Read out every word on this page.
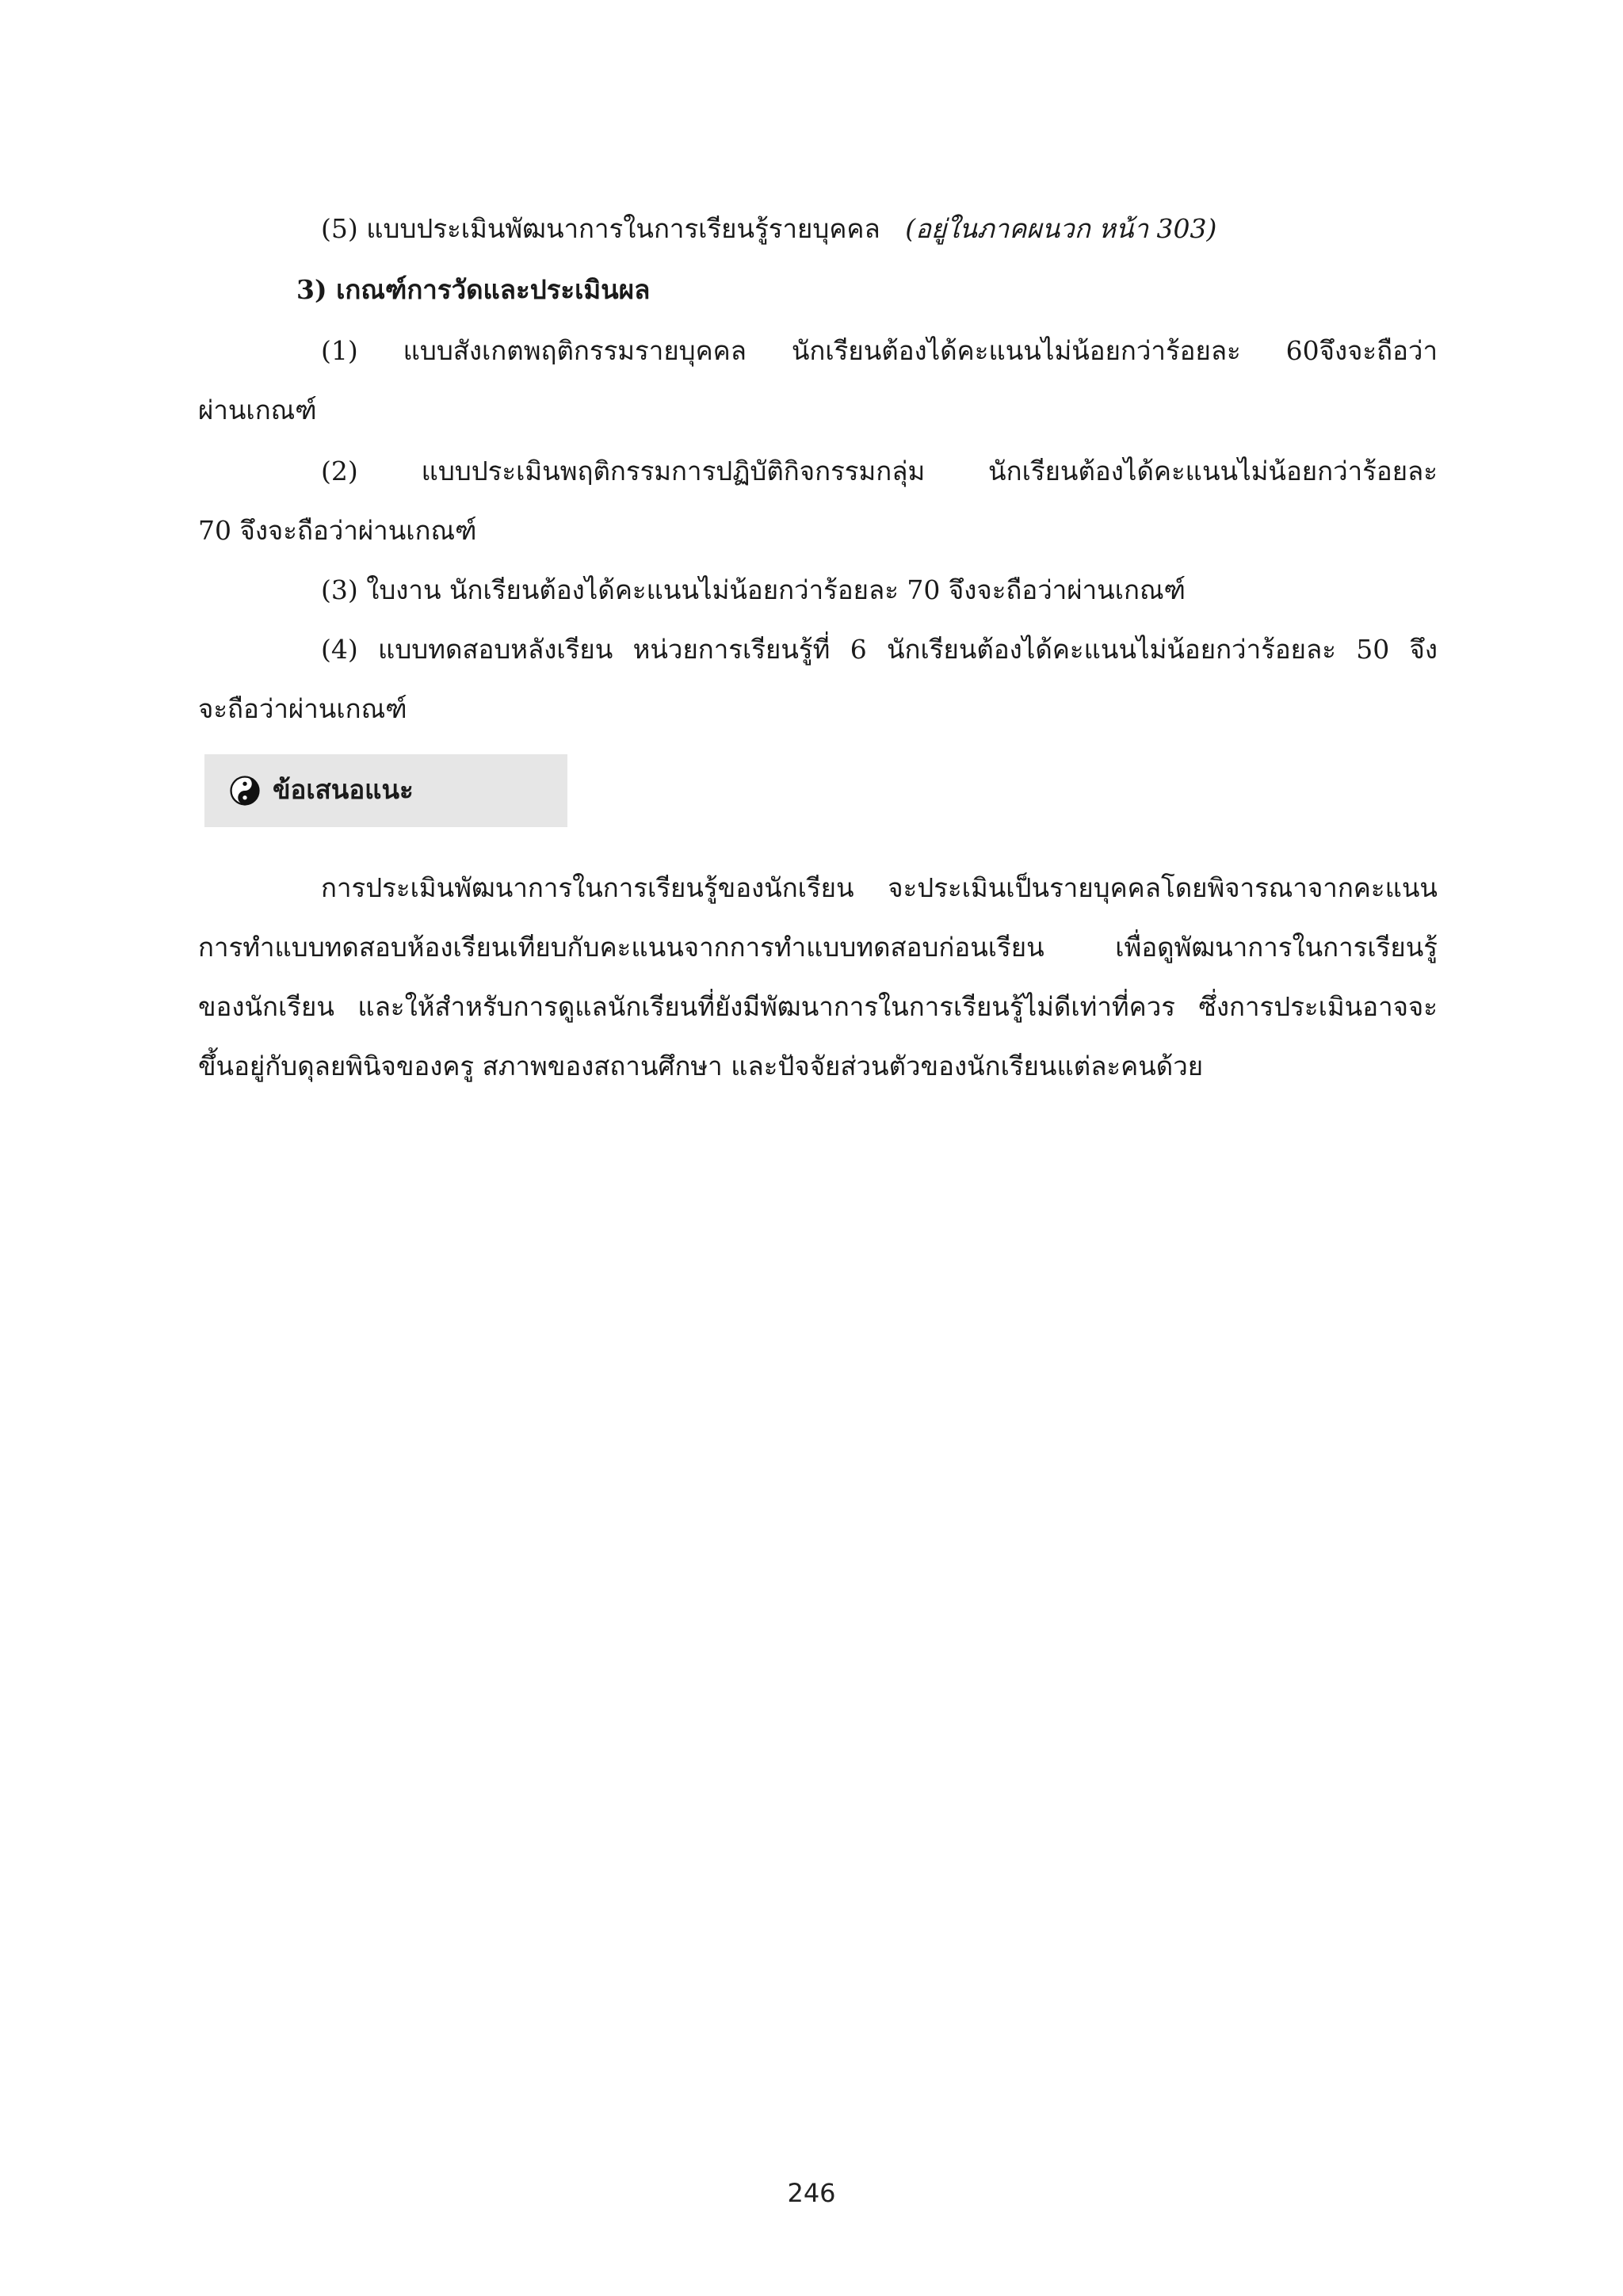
(5) แบบประเมินพัฒนาการในการเรียนรู้รายบุคคล (อยู่ในภาคผนวก หน้า 303)
3) เกณฑ์การวัดและประเมินผล
(1) แบบสังเกตพฤติกรรมรายบุคคล นักเรียนต้องได้คะแนนไม่น้อยกว่าร้อยละ 60จึงจะถือว่า
ผ่านเกณฑ์
(2) แบบประเมินพฤติกรรมการปฏิบัติกิจกรรมกลุ่ม นักเรียนต้องได้คะแนนไม่น้อยกว่าร้อยละ
70 จึงจะถือว่าผ่านเกณฑ์
(3) ใบงาน นักเรียนต้องได้คะแนนไม่น้อยกว่าร้อยละ 70 จึงจะถือว่าผ่านเกณฑ์
(4) แบบทดสอบหลังเรียน หน่วยการเรียนรู้ที่ 6 นักเรียนต้องได้คะแนนไม่น้อยกว่าร้อยละ 50 จึง
จะถือว่าผ่านเกณฑ์
ข้อเสนอแนะ
การประเมินพัฒนาการในการเรียนรู้ของนักเรียน จะประเมินเป็นรายบุคคลโดยพิจารณาจากคะแนน
การทำแบบทดสอบห้องเรียนเทียบกับคะแนนจากการทำแบบทดสอบก่อนเรียน เพื่อดูพัฒนาการในการเรียนรู้
ของนักเรียน และให้สำหรับการดูแลนักเรียนที่ยังมีพัฒนาการในการเรียนรู้ไม่ดีเท่าที่ควร ซึ่งการประเมินอาจจะ
ขึ้นอยู่กับดุลยพินิจของครู สภาพของสถานศึกษา และปัจจัยส่วนตัวของนักเรียนแต่ละคนด้วย
246
